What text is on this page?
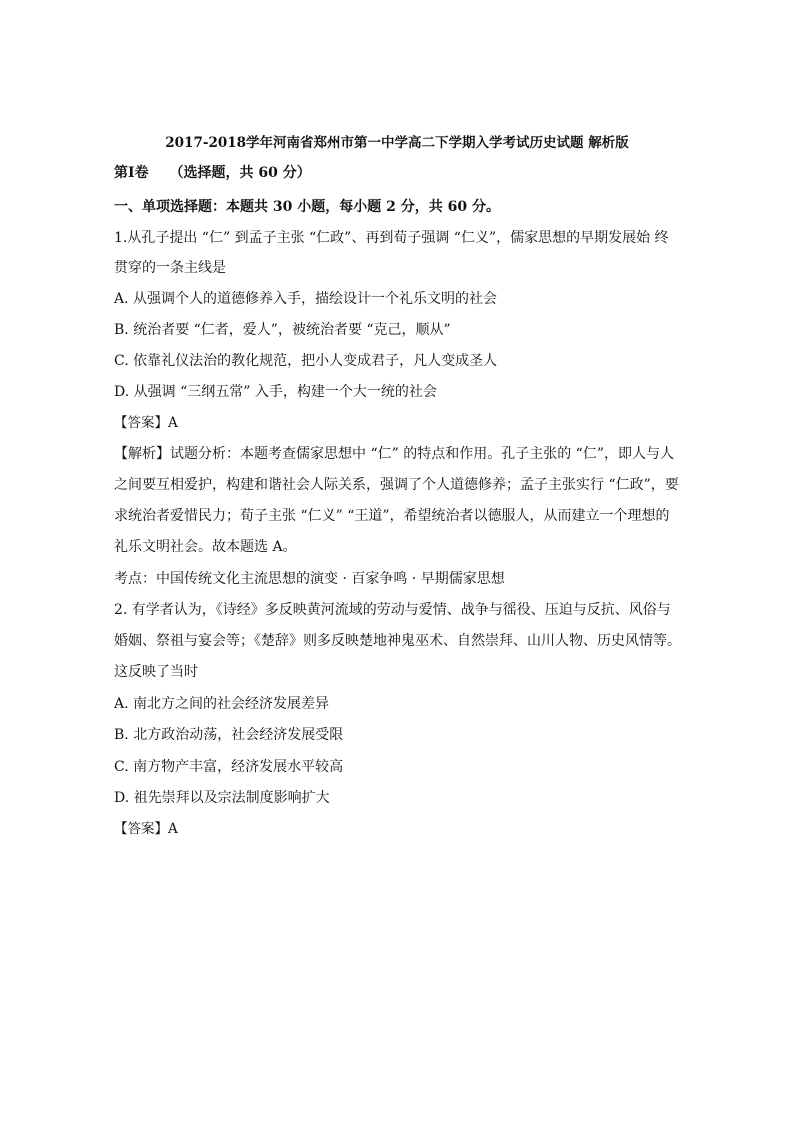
2017-2018学年河南省郑州市第一中学高二下学期入学考试历史试题 解析版
第I卷　　（选择题，共 60 分）
一、单项选择题：本题共 30 小题，每小题 2 分，共 60 分。
1.从孔子提出 “仁” 到孟子主张 “仁政”、再到荀子强调 “仁义”，儒家思想的早期发展始 终
贯穿的一条主线是
A. 从强调个人的道德修养入手，描绘设计一个礼乐文明的社会
B. 统治者要 “仁者，爱人”，被统治者要 “克己，顺从”
C. 依靠礼仪法治的教化规范，把小人变成君子，凡人变成圣人
D. 从强调 “三纲五常” 入手，构建一个大一统的社会
【答案】A
【解析】试题分析：本题考查儒家思想中 “仁” 的特点和作用。孔子主张的 “仁”，即人与人
之间要互相爱护，构建和谐社会人际关系，强调了个人道德修养；孟子主张实行 “仁政”，要
求统治者爱惜民力；荀子主张 “仁义” “王道”，希望统治者以德服人，从而建立一个理想的
礼乐文明社会。故本题选 A。
考点：中国传统文化主流思想的演变 · 百家争鸣 · 早期儒家思想
2. 有学者认为，《诗经》多反映黄河流域的劳动与爱情、战争与徭役、压迫与反抗、风俗与
婚姻、祭祖与宴会等；《楚辞》则多反映楚地神鬼巫术、自然崇拜、山川人物、历史风情等。
这反映了当时
A. 南北方之间的社会经济发展差异
B. 北方政治动荡，社会经济发展受限
C. 南方物产丰富，经济发展水平较高
D. 祖先崇拜以及宗法制度影响扩大
【答案】A
